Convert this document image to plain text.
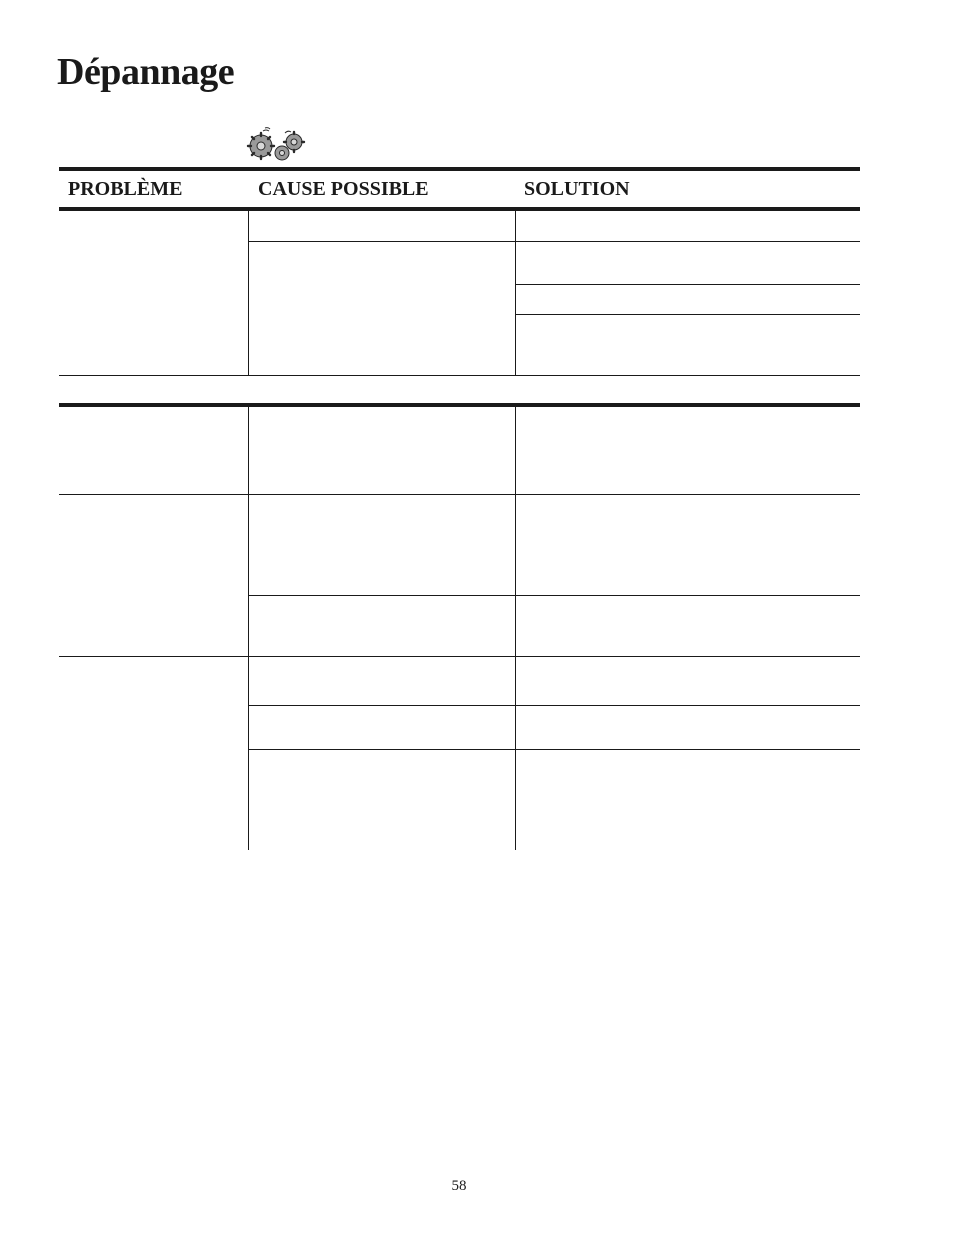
Dépannage
PROBLÈME	CAUSE POSSIBLE	SOLUTION
58
